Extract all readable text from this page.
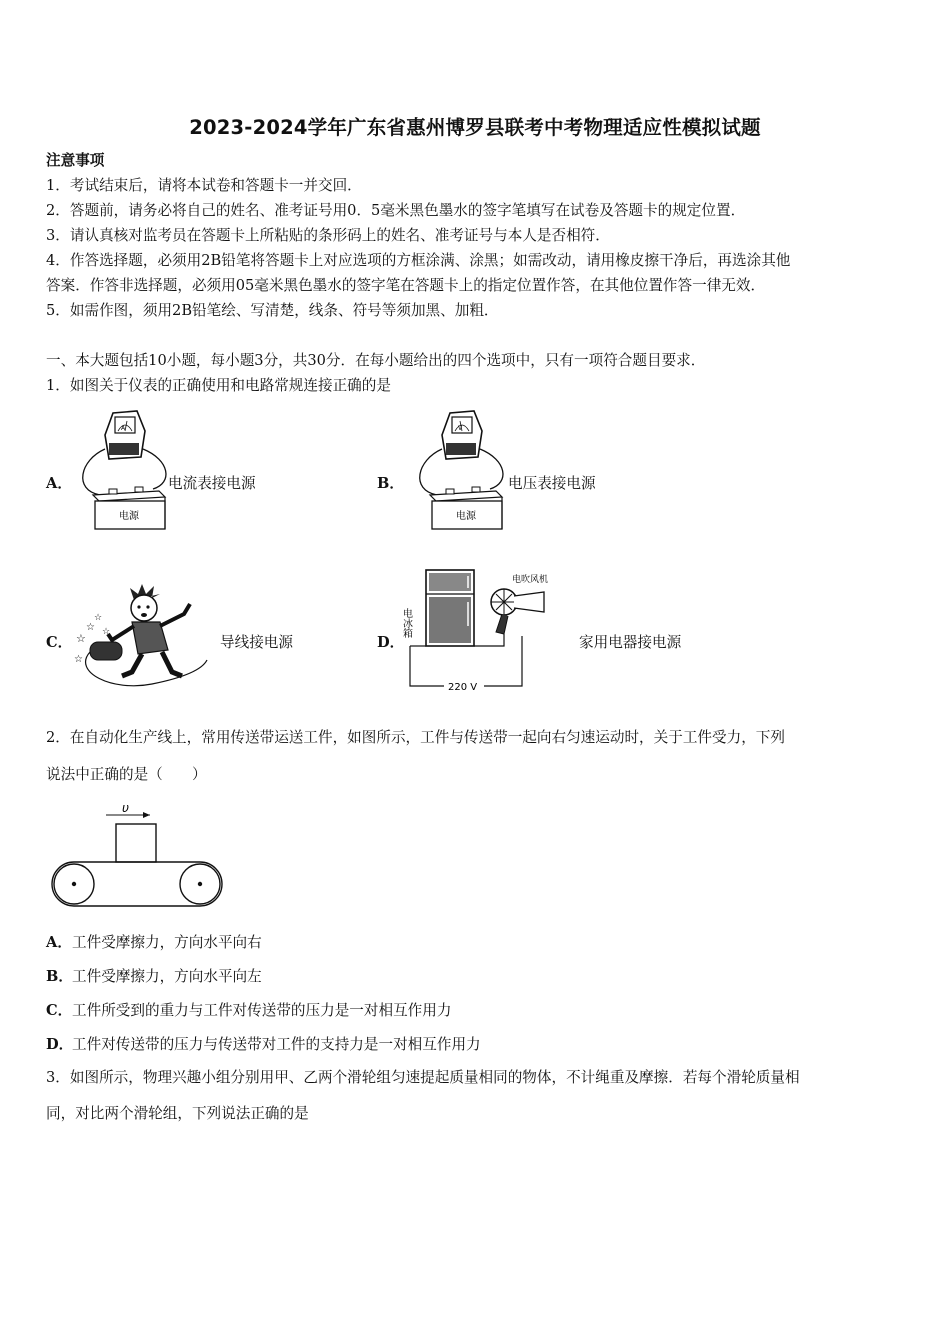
2023-2024学年广东省惠州博罗县联考中考物理适应性模拟试题
注意事项
1．考试结束后，请将本试卷和答题卡一并交回．
2．答题前，请务必将自己的姓名、准考证号用0．5毫米黑色墨水的签字笔填写在试卷及答题卡的规定位置．
3．请认真核对监考员在答题卡上所粘贴的条形码上的姓名、准考证号与本人是否相符．
4．作答选择题，必须用2B铅笔将答题卡上对应选项的方框涂满、涂黑；如需改动，请用橡皮擦干净后，再选涂其他
答案．作答非选择题，必须用05毫米黑色墨水的签字笔在答题卡上的指定位置作答，在其他位置作答一律无效．
5．如需作图，须用2B铅笔绘、写清楚，线条、符号等须加黑、加粗．
一、本大题包括10小题，每小题3分，共30分．在每小题给出的四个选项中，只有一项符合题目要求．
1．如图关于仪表的正确使用和电路常规连接正确的是
A．
A
电源
电流表接电源	B．
V
电源
电压表接电源
C． ☆
☆
☆
☆
☆
导线接电源	D．
电冰箱
电吹风机
220 V
家用电器接电源
2．在自动化生产线上，常用传送带运送工件，如图所示，工件与传送带一起向右匀速运动时，关于工件受力，下列
说法中正确的是（　　）
υ
A． 工件受摩擦力，方向水平向右
B． 工件受摩擦力，方向水平向左
C． 工件所受到的重力与工件对传送带的压力是一对相互作用力
D．
工件对传送带的压力与传送带对工件的支持力是一对相互作用力
3．如图所示，物理兴趣小组分别用甲、乙两个滑轮组匀速提起质量相同的物体，不计绳重及摩擦．若每个滑轮质量相
同，对比两个滑轮组，下列说法正确的是
